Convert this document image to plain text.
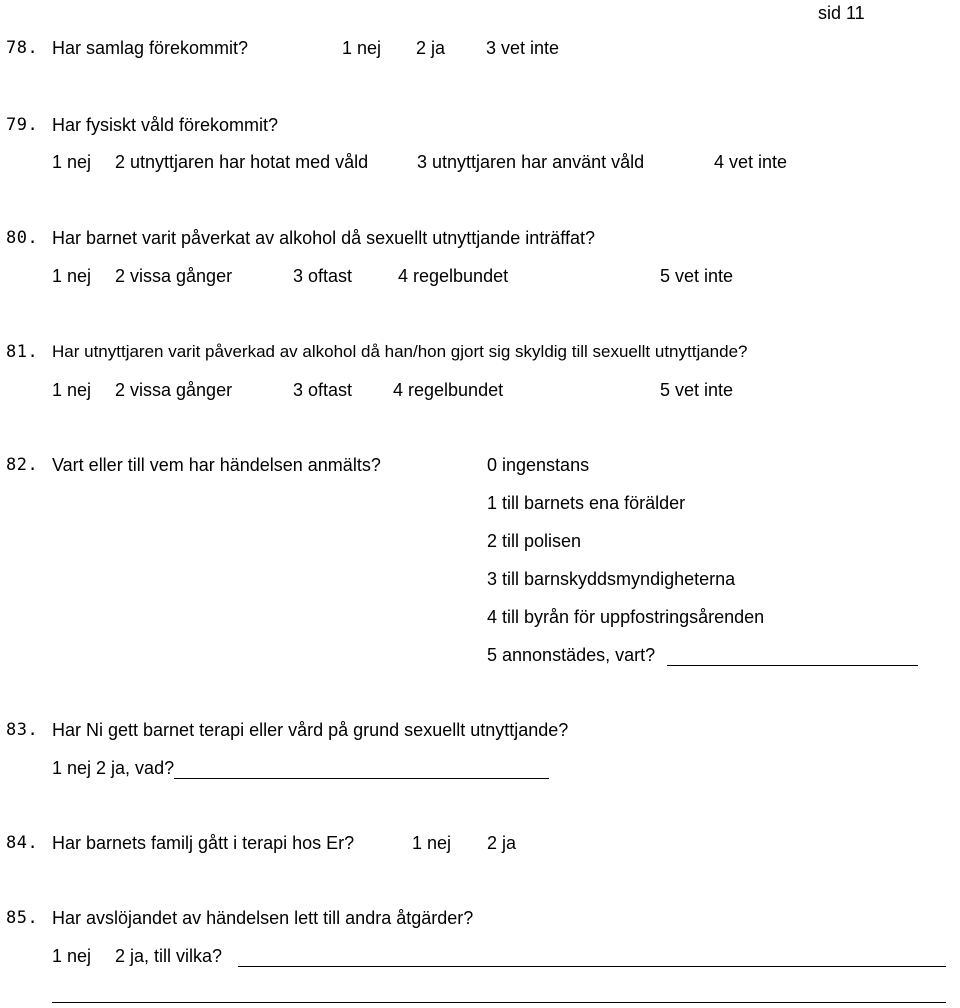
sid 11
78. Har samlag förekommit?	1 nej 2 ja 3 vet inte
79. Har fysiskt våld förekommit?
1 nej 2 utnyttjaren har hotat med våld	3 utnyttjaren har använt våld	4 vet inte
80. Har barnet varit påverkat av alkohol då sexuellt utnyttjande inträffat?
1 nej 2 vissa gånger	3 oftast	4 regelbundet	5 vet inte
81. Har utnyttjaren varit påverkad av alkohol då han/hon gjort sig skyldig till sexuellt utnyttjande?
1 nej 2 vissa gånger	3 oftast 4 regelbundet	5 vet inte
82. Vart eller till vem har händelsen anmälts?	0 ingenstans
1 till barnets ena förälder
2 till polisen
3 till barnskyddsmyndigheterna
4 till byrån för uppfostringsårenden
5 annonstädes, vart?
83. Har Ni gett barnet terapi eller vård på grund sexuellt utnyttjande?
1 nej 2 ja, vad?
84. Har barnets familj gått i terapi hos Er?	1 nej 2 ja
85. Har avslöjandet av händelsen lett till andra åtgärder?
1 nej 2 ja, till vilka?
